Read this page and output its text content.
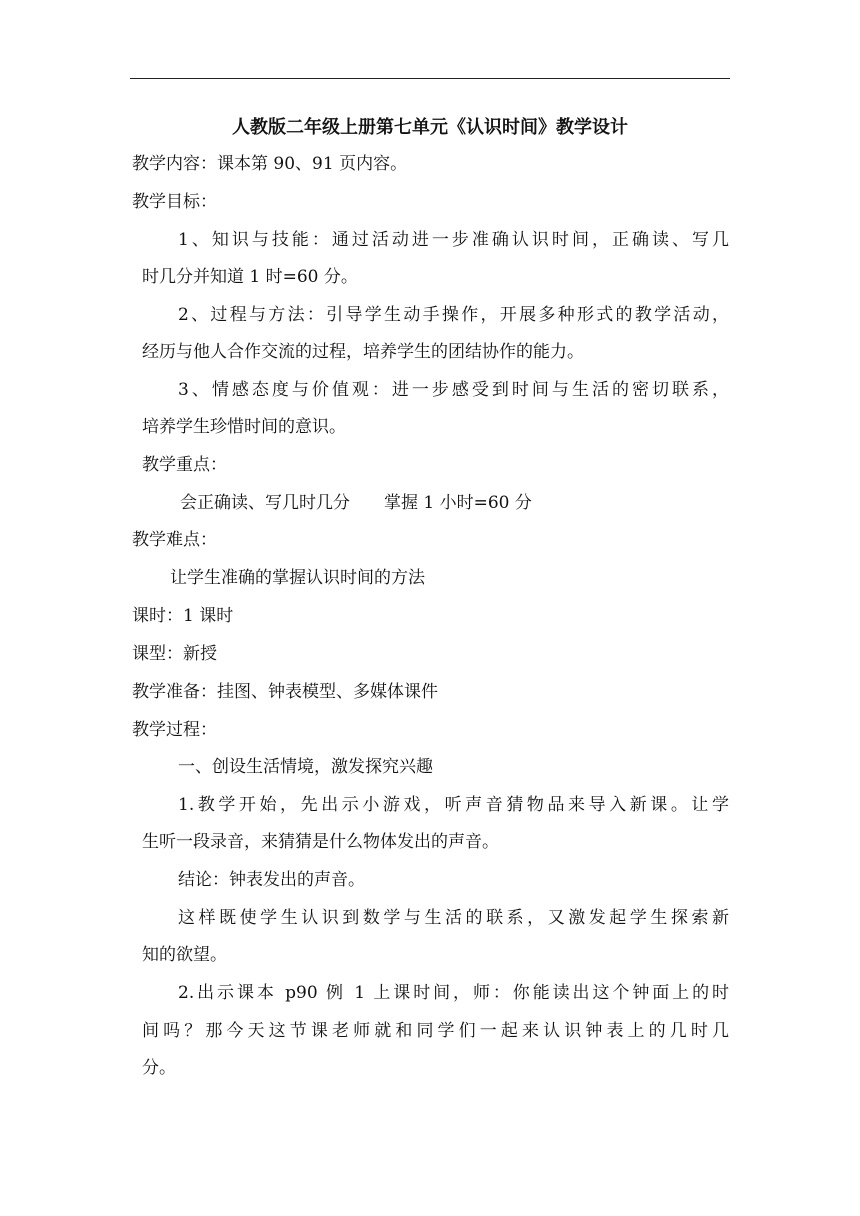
人教版二年级上册第七单元《认识时间》教学设计
教学内容：课本第 90、91 页内容。
教学目标：
1、知识与技能：通过活动进一步准确认识时间，正确读、写几
时几分并知道 1 时=60 分。
2、过程与方法：引导学生动手操作，开展多种形式的教学活动，
经历与他人合作交流的过程，培养学生的团结协作的能力。
3、情感态度与价值观：进一步感受到时间与生活的密切联系，
培养学生珍惜时间的意识。
教学重点：
会正确读、写几时几分 掌握 1 小时=60 分
教学难点：
让学生准确的掌握认识时间的方法
课时：1 课时
课型：新授
教学准备：挂图、钟表模型、多媒体课件
教学过程：
一、创设生活情境，激发探究兴趣
1.教学开始，先出示小游戏，听声音猜物品来导入新课。让学
生听一段录音，来猜猜是什么物体发出的声音。
结论：钟表发出的声音。
这样既使学生认识到数学与生活的联系，又激发起学生探索新
知的欲望。
2.出示课本 p90 例 1 上课时间，师：你能读出这个钟面上的时
间吗？那今天这节课老师就和同学们一起来认识钟表上的几时几
分。
